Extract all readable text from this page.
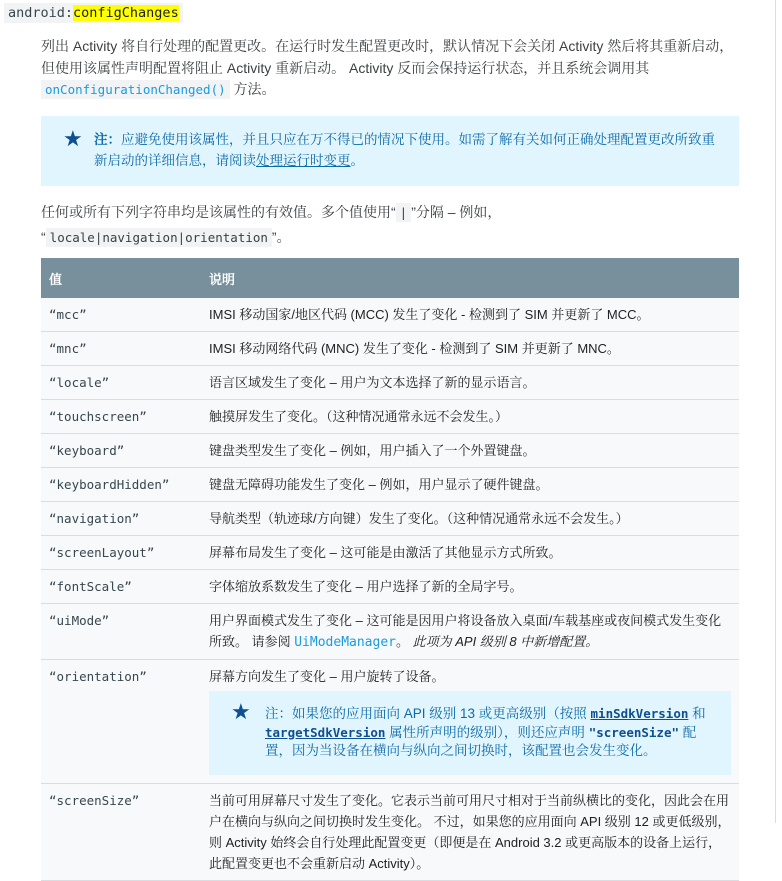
android:configChanges
列出 Activity 将自行处理的配置更改。在运行时发生配置更改时，默认情况下会关闭 Activity 然后将其重新启动，但使用该属性声明配置将阻止 Activity 重新启动。 Activity 反而会保持运行状态，并且系统会调用其 onConfigurationChanged() 方法。
★ 注：应避免使用该属性，并且只应在万不得已的情况下使用。如需了解有关如何正确处理配置更改所致重新启动的详细信息，请阅读处理运行时变更。
任何或所有下列字符串均是该属性的有效值。多个值使用“ | ”分隔 – 例如，
“ locale|navigation|orientation ”。
值	说明
“mcc”	IMSI 移动国家/地区代码 (MCC) 发生了变化 - 检测到了 SIM 并更新了 MCC。
“mnc”	IMSI 移动网络代码 (MNC) 发生了变化 - 检测到了 SIM 并更新了 MNC。
“locale”	语言区域发生了变化 – 用户为文本选择了新的显示语言。
“touchscreen”	触摸屏发生了变化。（这种情况通常永远不会发生。）
“keyboard”	键盘类型发生了变化 – 例如，用户插入了一个外置键盘。
“keyboardHidden”	键盘无障碍功能发生了变化 – 例如，用户显示了硬件键盘。
“navigation”	导航类型（轨迹球/方向键）发生了变化。（这种情况通常永远不会发生。）
“screenLayout”	屏幕布局发生了变化 – 这可能是由激活了其他显示方式所致。
“fontScale”	字体缩放系数发生了变化 – 用户选择了新的全局字号。
“uiMode”	用户界面模式发生了变化 – 这可能是因用户将设备放入桌面/车载基座或夜间模式发生变化所致。 请参阅 UiModeManager。 此项为 API 级别 8 中新增配置。
“orientation”	屏幕方向发生了变化 – 用户旋转了设备。
★ 注：如果您的应用面向 API 级别 13 或更高级别（按照 minSdkVersion 和 targetSdkVersion 属性所声明的级别），则还应声明 "screenSize" 配置，因为当设备在横向与纵向之间切换时，该配置也会发生变化。

“screenSize”	当前可用屏幕尺寸发生了变化。它表示当前可用尺寸相对于当前纵横比的变化，因此会在用户在横向与纵向之间切换时发生变化。 不过，如果您的应用面向 API 级别 12 或更低级别，则 Activity 始终会自行处理此配置变更（即便是在 Android 3.2 或更高版本的设备上运行，此配置变更也不会重新启动 Activity）。
